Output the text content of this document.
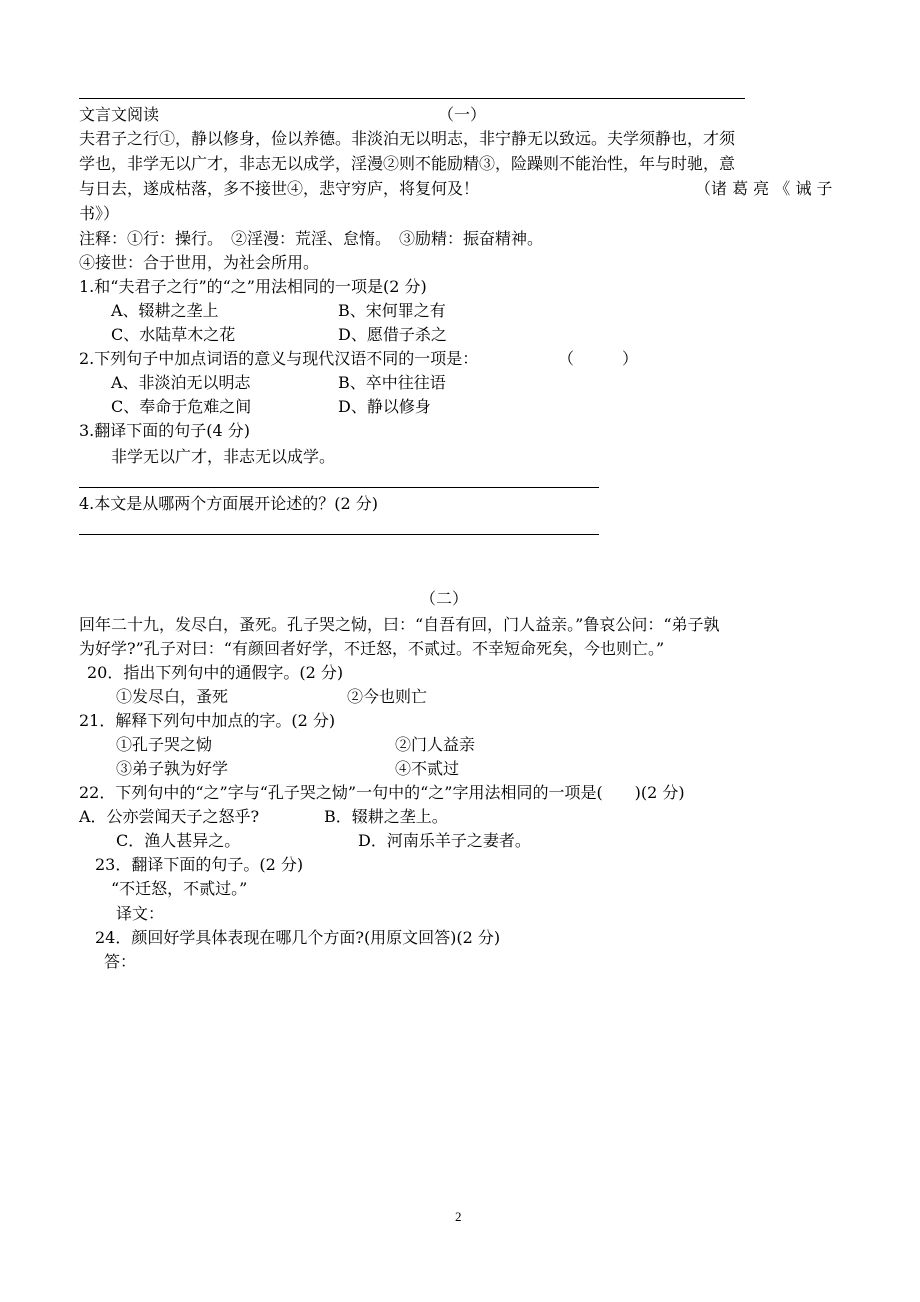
文言文阅读	（一）
夫君子之行①，静以修身，俭以养德。非淡泊无以明志，非宁静无以致远。夫学须静也，才须
学也，非学无以广才，非志无以成学，淫漫②则不能励精③，险躁则不能治性，年与时驰，意
与日去，遂成枯落，多不接世④，悲守穷庐，将复何及！	（诸 葛 亮 《 诫 子
书》）
注释：①行：操行。　②淫漫：荒淫、怠惰。　③励精：振奋精神。
④接世：合于世用，为社会所用。
1.和“夫君子之行”的“之”用法相同的一项是(2 分)
A、辍耕之垄上	B、宋何罪之有
C、水陆草木之花	D、愿借子杀之
2.下列句子中加点词语的意义与现代汉语不同的一项是：	（　　　）
A、非淡泊无以明志	B、卒中往往语
C、奉命于危难之间	D、静以修身
3.翻译下面的句子(4 分)
非学无以广才，非志无以成学。
4.本文是从哪两个方面展开论述的？(2 分)
（二）
回年二十九，发尽白，蚤死。孔子哭之恸，曰：“自吾有回，门人益亲。”鲁哀公问：“弟子孰
为好学?”孔子对曰：“有颜回者好学，不迁怒，不贰过。不幸短命死矣，今也则亡。”
20．指出下列句中的通假字。(2 分)
①发尽白，蚤死	②今也则亡
21．解释下列句中加点的字。(2 分)
①孔子哭之恸	②门人益亲
③弟子孰为好学	④不贰过
22．下列句中的“之”字与“孔子哭之恸”一句中的“之”字用法相同的一项是(　　)(2 分)
A．公亦尝闻天子之怒乎?	B．辍耕之垄上。
C．渔人甚异之。	D．河南乐羊子之妻者。
23．翻译下面的句子。(2 分)
“不迁怒，不贰过。”
译文：
24．颜回好学具体表现在哪几个方面?(用原文回答)(2 分)
答：
2
